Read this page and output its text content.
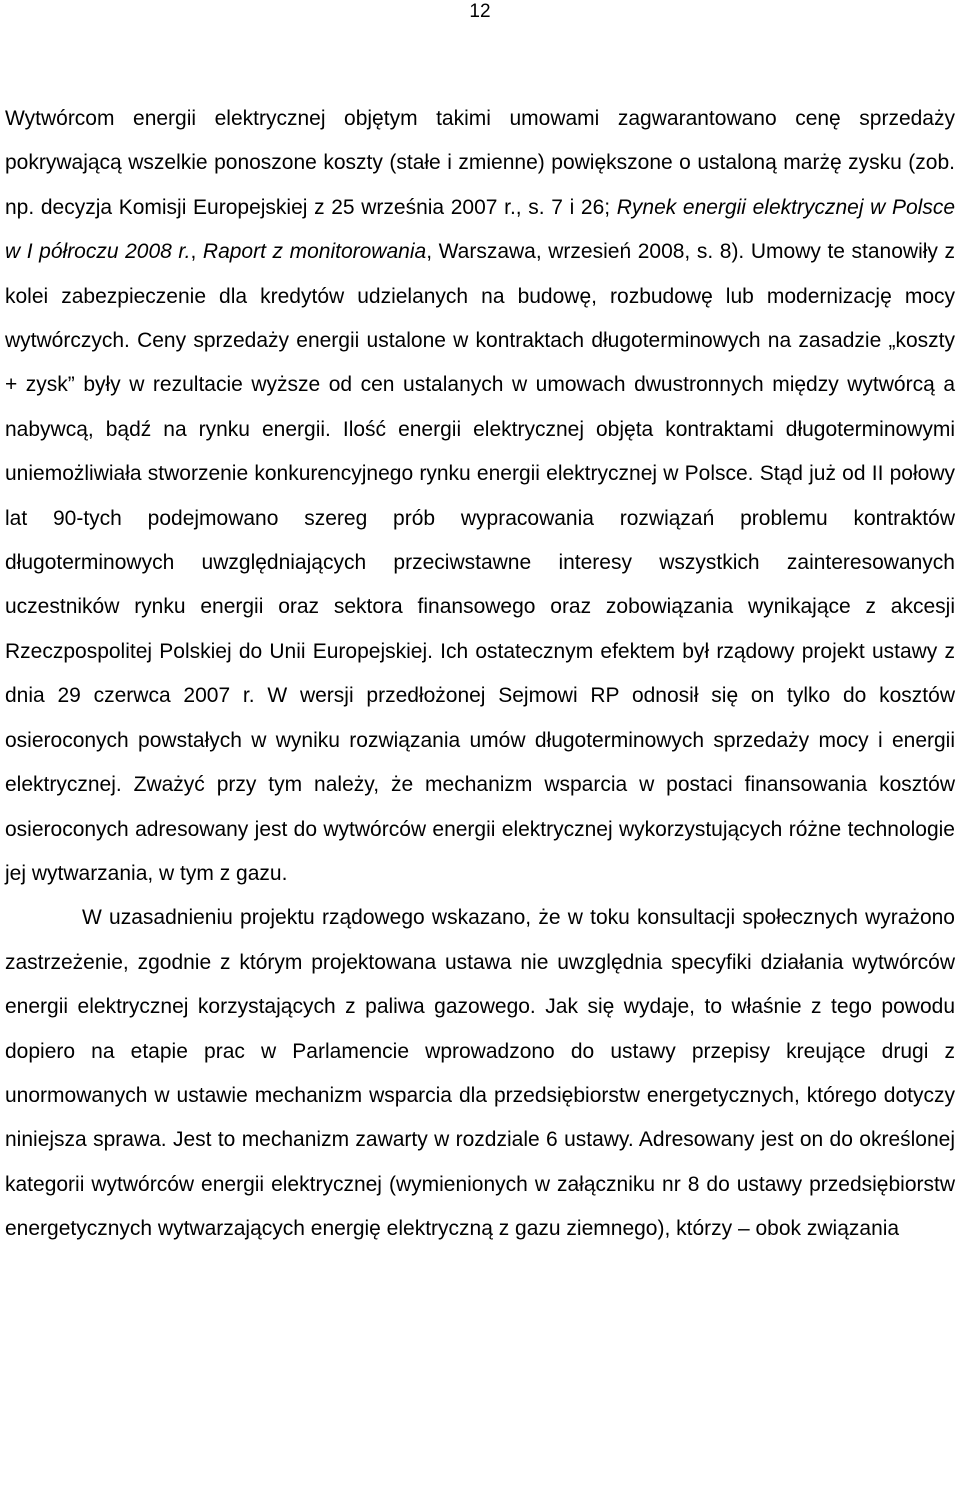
12

Wytwórcom energii elektrycznej objętym takimi umowami zagwarantowano cenę sprzedaży pokrywającą wszelkie ponoszone koszty (stałe i zmienne) powiększone o ustaloną marżę zysku (zob. np. decyzja Komisji Europejskiej z 25 września 2007 r., s. 7 i 26; Rynek energii elektrycznej w Polsce w I półroczu 2008 r., Raport z monitorowania, Warszawa, wrzesień 2008, s. 8). Umowy te stanowiły z kolei zabezpieczenie dla kredytów udzielanych na budowę, rozbudowę lub modernizację mocy wytwórczych. Ceny sprzedaży energii ustalone w kontraktach długoterminowych na zasadzie „koszty + zysk” były w rezultacie wyższe od cen ustalanych w umowach dwustronnych między wytwórcą a nabywcą, bądź na rynku energii. Ilość energii elektrycznej objęta kontraktami długoterminowymi uniemożliwiała stworzenie konkurencyjnego rynku energii elektrycznej w Polsce. Stąd już od II połowy lat 90-tych podejmowano szereg prób wypracowania rozwiązań problemu kontraktów długoterminowych uwzględniających przeciwstawne interesy wszystkich zainteresowanych uczestników rynku energii oraz sektora finansowego oraz zobowiązania wynikające z akcesji Rzeczpospolitej Polskiej do Unii Europejskiej. Ich ostatecznym efektem był rządowy projekt ustawy z dnia 29 czerwca 2007 r. W wersji przedłożonej Sejmowi RP odnosił się on tylko do kosztów osieroconych powstałych w wyniku rozwiązania umów długoterminowych sprzedaży mocy i energii elektrycznej. Zważyć przy tym należy, że mechanizm wsparcia w postaci finansowania kosztów osieroconych adresowany jest do wytwórców energii elektrycznej wykorzystujących różne technologie jej wytwarzania, w tym z gazu.

W uzasadnieniu projektu rządowego wskazano, że w toku konsultacji społecznych wyrażono zastrzeżenie, zgodnie z którym projektowana ustawa nie uwzględnia specyfiki działania wytwórców energii elektrycznej korzystających z paliwa gazowego. Jak się wydaje, to właśnie z tego powodu dopiero na etapie prac w Parlamencie wprowadzono do ustawy przepisy kreujące drugi z unormowanych w ustawie mechanizm wsparcia dla przedsiębiorstw energetycznych, którego dotyczy niniejsza sprawa. Jest to mechanizm zawarty w rozdziale 6 ustawy. Adresowany jest on do określonej kategorii wytwórców energii elektrycznej (wymienionych w załączniku nr 8 do ustawy przedsiębiorstw energetycznych wytwarzających energię elektryczną z gazu ziemnego), którzy – obok związania
